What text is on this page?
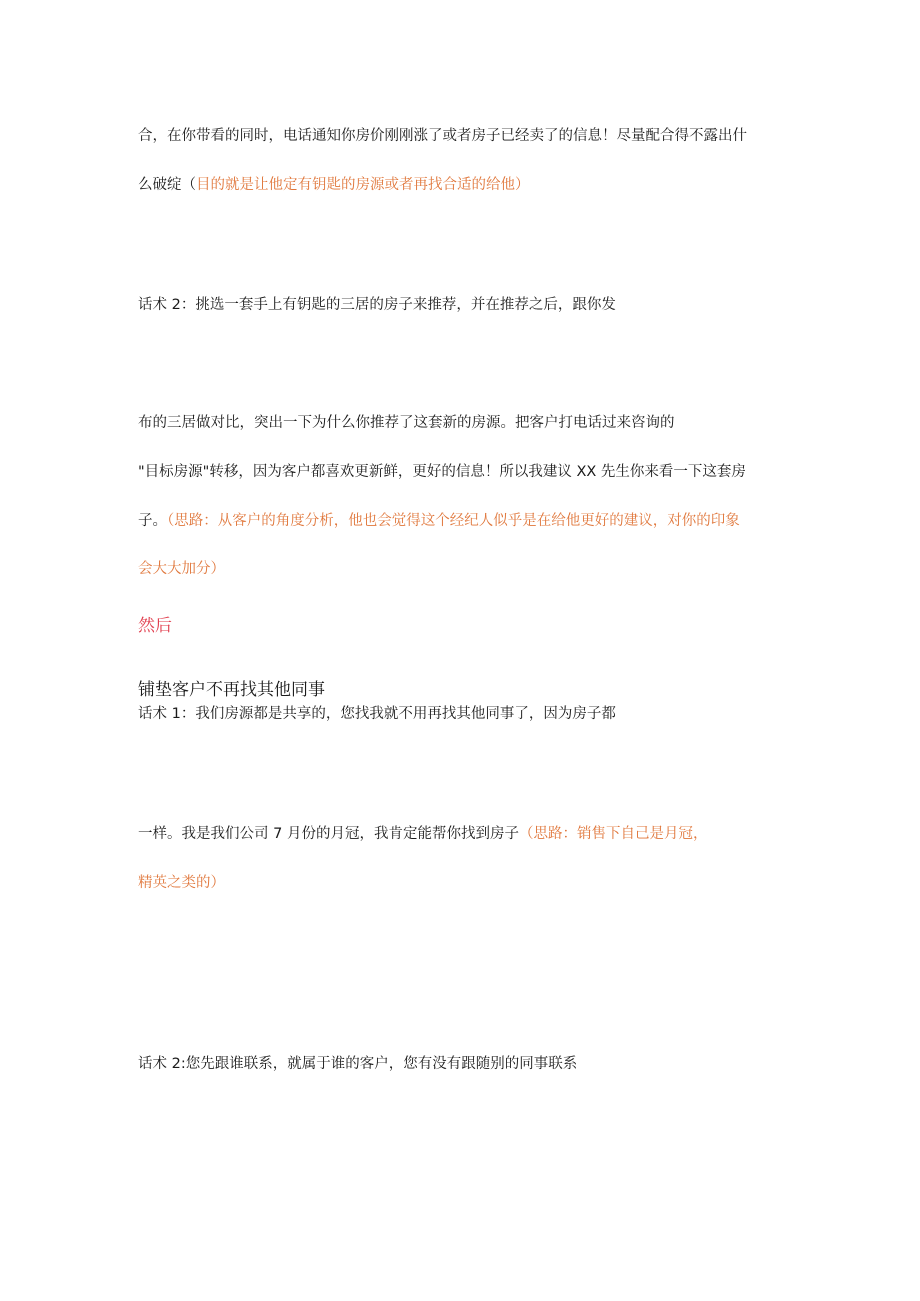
合，在你带看的同时，电话通知你房价刚刚涨了或者房子已经卖了的信息！尽量配合得不露出什
么破绽（目的就是让他定有钥匙的房源或者再找合适的给他）
话术 2：挑选一套手上有钥匙的三居的房子来推荐，并在推荐之后，跟你发
布的三居做对比，突出一下为什么你推荐了这套新的房源。把客户打电话过来咨询的
"目标房源"转移，因为客户都喜欢更新鲜，更好的信息！所以我建议 XX 先生你来看一下这套房
子。（思路：从客户的角度分析，他也会觉得这个经纪人似乎是在给他更好的建议，对你的印象
会大大加分）
然后
铺垫客户不再找其他同事
话术 1：我们房源都是共享的，您找我就不用再找其他同事了，因为房子都
一样。我是我们公司 7 月份的月冠，我肯定能帮你找到房子（思路：销售下自己是月冠，
精英之类的）
话术 2:您先跟谁联系，就属于谁的客户，您有没有跟随别的同事联系
